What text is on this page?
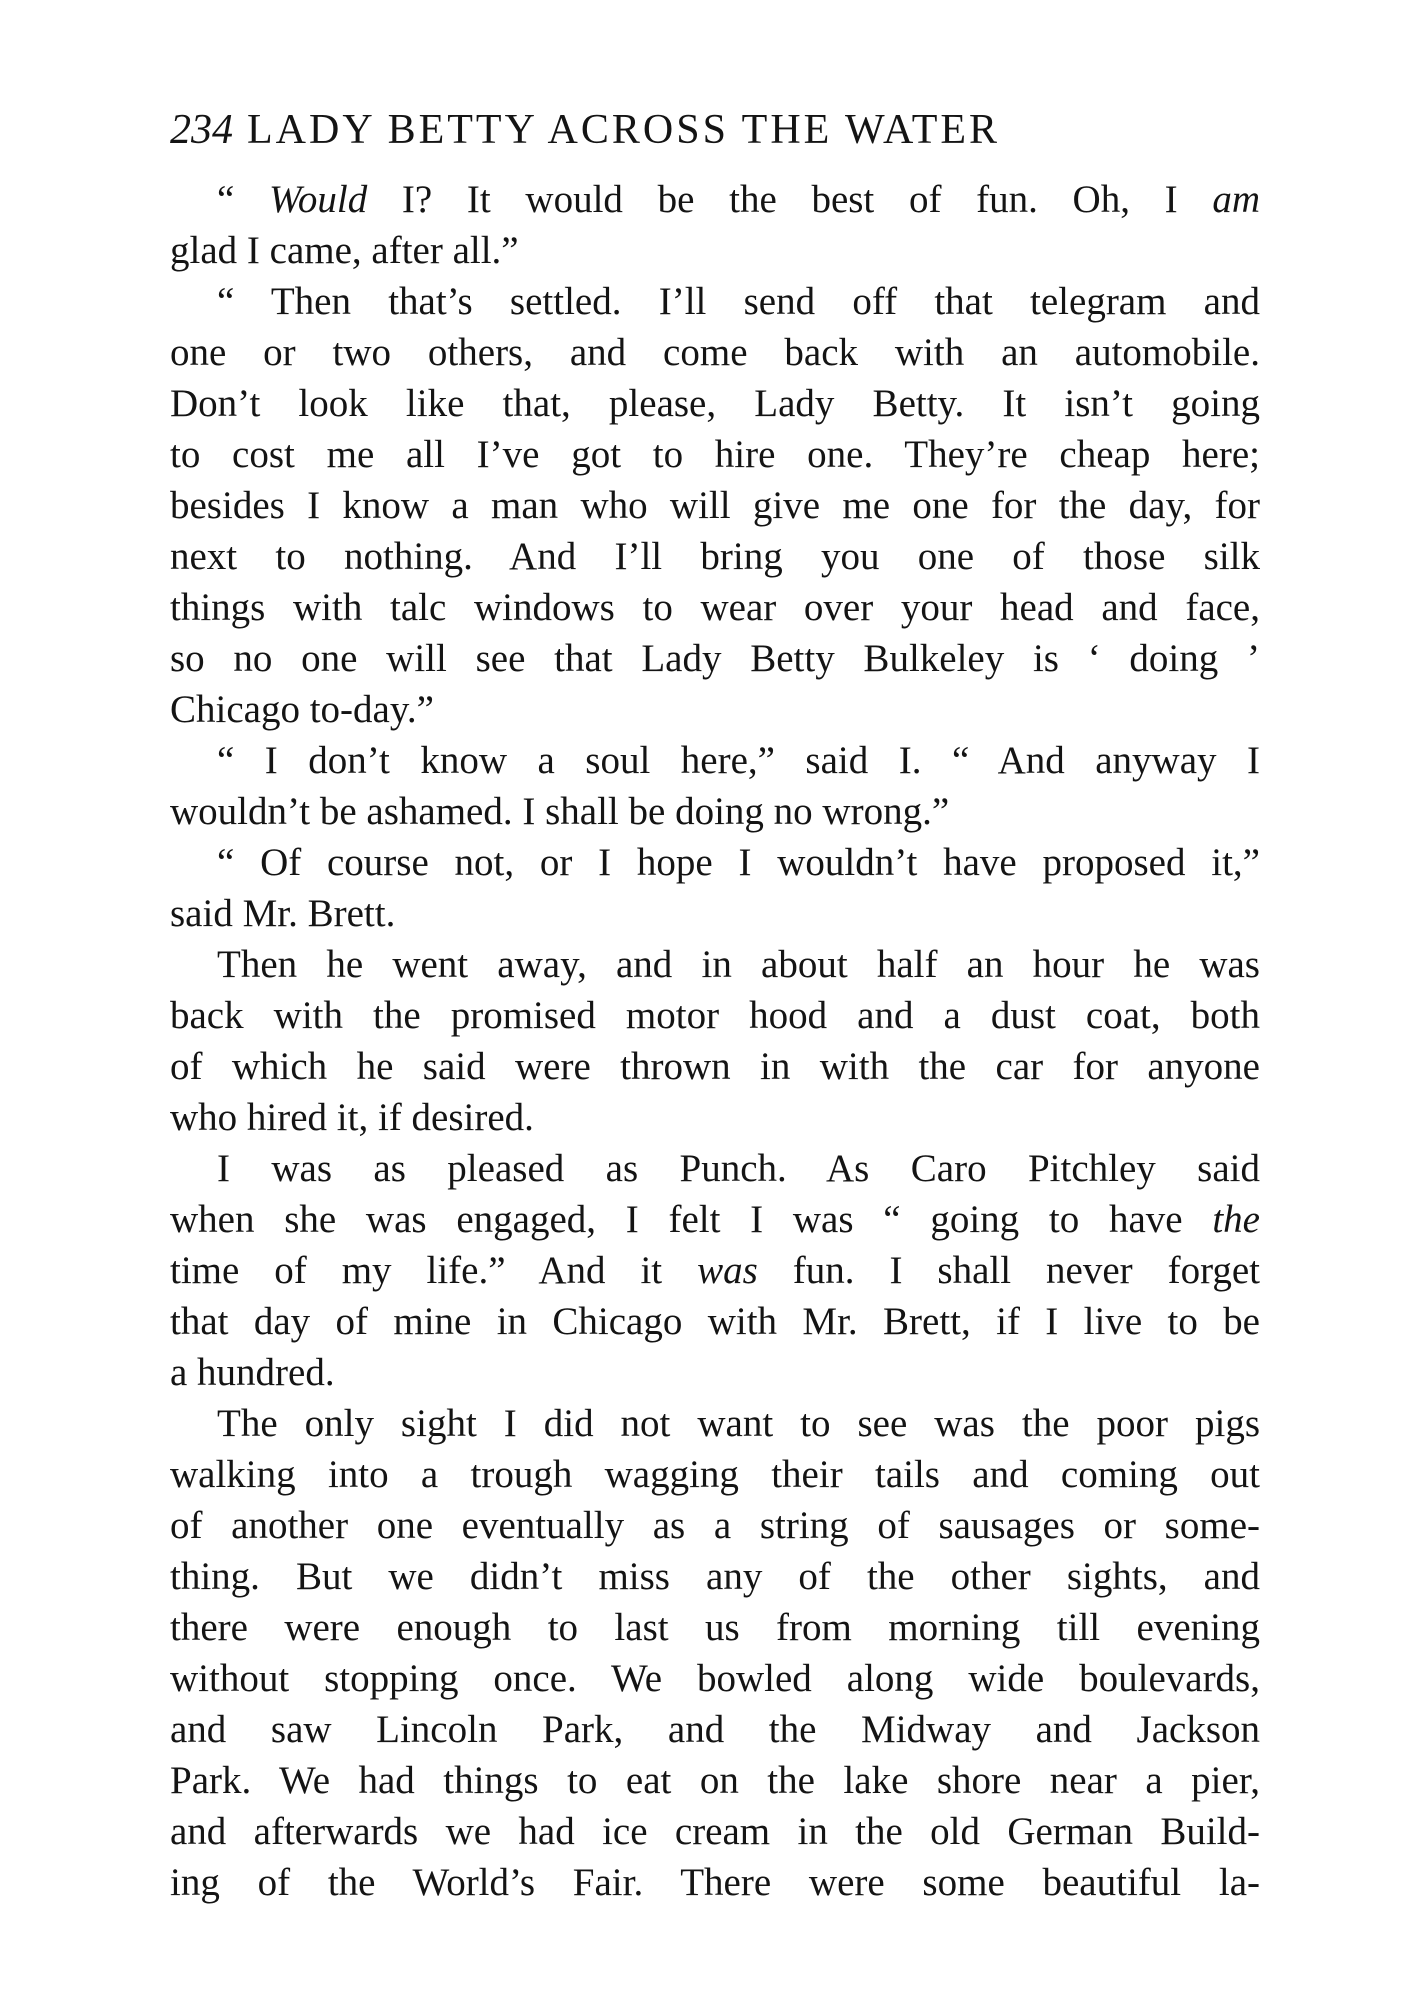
234 LADY BETTY ACROSS THE WATER
“ Would I? It would be the best of fun. Oh, I am
glad I came, after all.”
“ Then that’s settled. I’ll send off that telegram and
one or two others, and come back with an automobile.
Don’t look like that, please, Lady Betty. It isn’t going
to cost me all I’ve got to hire one. They’re cheap here;
besides I know a man who will give me one for the day, for
next to nothing. And I’ll bring you one of those silk
things with talc windows to wear over your head and face,
so no one will see that Lady Betty Bulkeley is ‘ doing ’
Chicago to-day.”
“ I don’t know a soul here,” said I. “ And anyway I
wouldn’t be ashamed. I shall be doing no wrong.”
“ Of course not, or I hope I wouldn’t have proposed it,”
said Mr. Brett.
Then he went away, and in about half an hour he was
back with the promised motor hood and a dust coat, both
of which he said were thrown in with the car for anyone
who hired it, if desired.
I was as pleased as Punch. As Caro Pitchley said
when she was engaged, I felt I was “ going to have the
time of my life.” And it was fun. I shall never forget
that day of mine in Chicago with Mr. Brett, if I live to be
a hundred.
The only sight I did not want to see was the poor pigs
walking into a trough wagging their tails and coming out
of another one eventually as a string of sausages or some-
thing. But we didn’t miss any of the other sights, and
there were enough to last us from morning till evening
without stopping once. We bowled along wide boulevards,
and saw Lincoln Park, and the Midway and Jackson
Park. We had things to eat on the lake shore near a pier,
and afterwards we had ice cream in the old German Build-
ing of the World’s Fair. There were some beautiful la-
